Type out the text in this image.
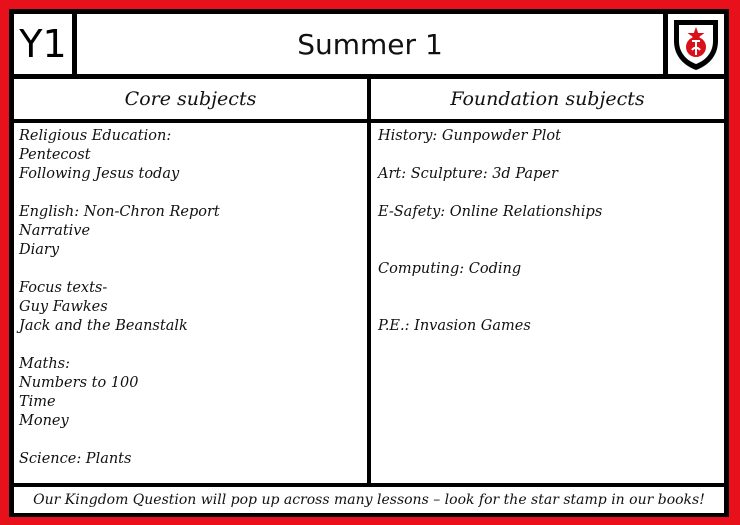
Y1	Summer 1
Core subjects	Foundation subjects
Religious Education:
Pentecost
Following Jesus today
English: Non-Chron Report
Narrative
Diary
Focus texts-
Guy Fawkes
Jack and the Beanstalk
Maths:
Numbers to 100
Time
Money
Science: Plants
History: Gunpowder Plot
Art: Sculpture: 3d Paper
E-Safety: Online Relationships
Computing: Coding
P.E.: Invasion Games
Our Kingdom Question will pop up across many lessons – look for the star stamp in our books!
